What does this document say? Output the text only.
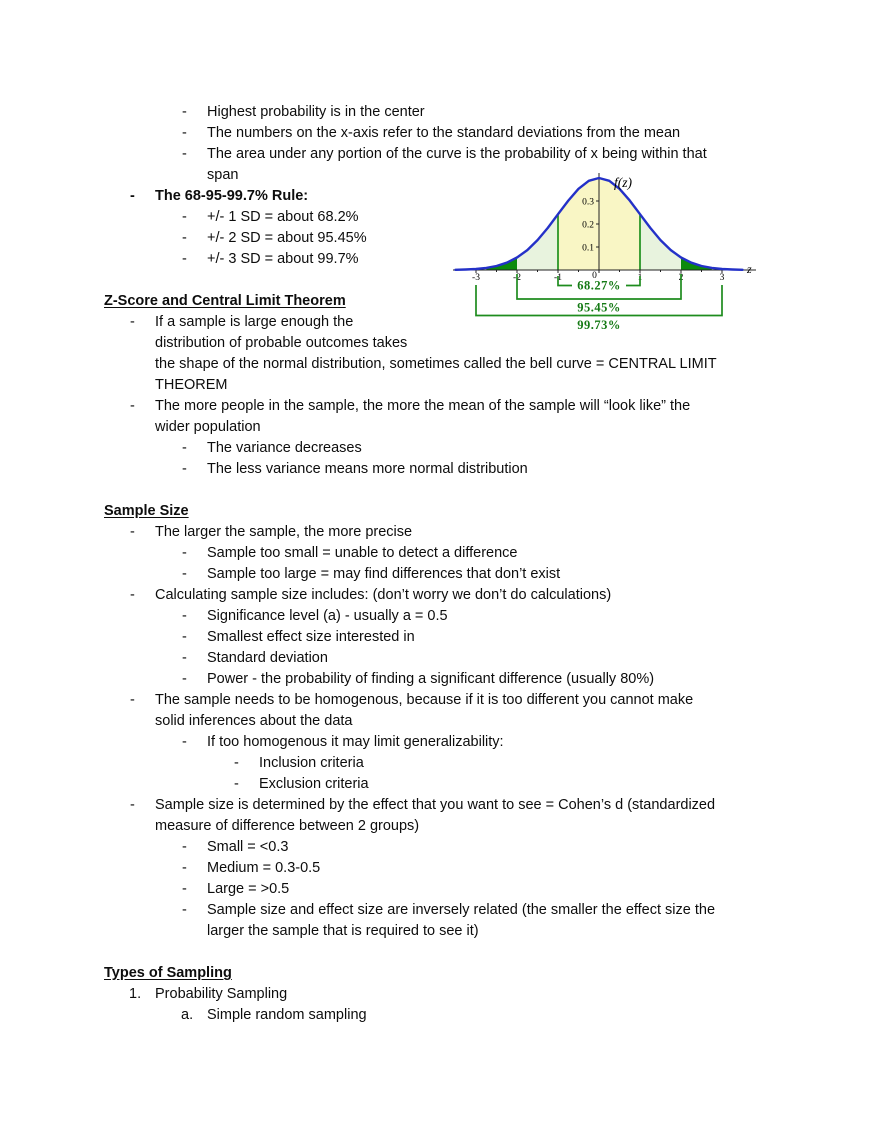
- Highest probability is in the center
- The numbers on the x-axis refer to the standard deviations from the mean
- The area under any portion of the curve is the probability of x being within that
span
- The 68-95-99.7% Rule:
- +/- 1 SD = about 68.2%
- +/- 2 SD = about 95.45%
- +/- 3 SD = about 99.7%
Z-Score and Central Limit Theorem
- If a sample is large enough the
distribution of probable outcomes takes
the shape of the normal distribution, sometimes called the bell curve = CENTRAL LIMIT
THEOREM
- The more people in the sample, the more the mean of the sample will “look like” the
wider population
- The variance decreases
- The less variance means more normal distribution
Sample Size
- The larger the sample, the more precise
- Sample too small = unable to detect a difference
- Sample too large = may find differences that don’t exist
- Calculating sample size includes: (don’t worry we don’t do calculations)
- Significance level (a) - usually a = 0.5
- Smallest effect size interested in
- Standard deviation
- Power - the probability of finding a significant difference (usually 80%)
- The sample needs to be homogenous, because if it is too different you cannot make
solid inferences about the data
- If too homogenous it may limit generalizability:
- Inclusion criteria
- Exclusion criteria
- Sample size is determined by the effect that you want to see = Cohen’s d (standardized
measure of difference between 2 groups)
- Small = <0.3
- Medium = 0.3-0.5
- Large = >0.5
- Sample size and effect size are inversely related (the smaller the effect size the
larger the sample that is required to see it)
Types of Sampling
1. Probability Sampling
a. Simple random sampling
f(z)
z
0.3
0.2
0.1
-3	-2	-1	0	1	2	3
68.27%
95.45%
99.73%
